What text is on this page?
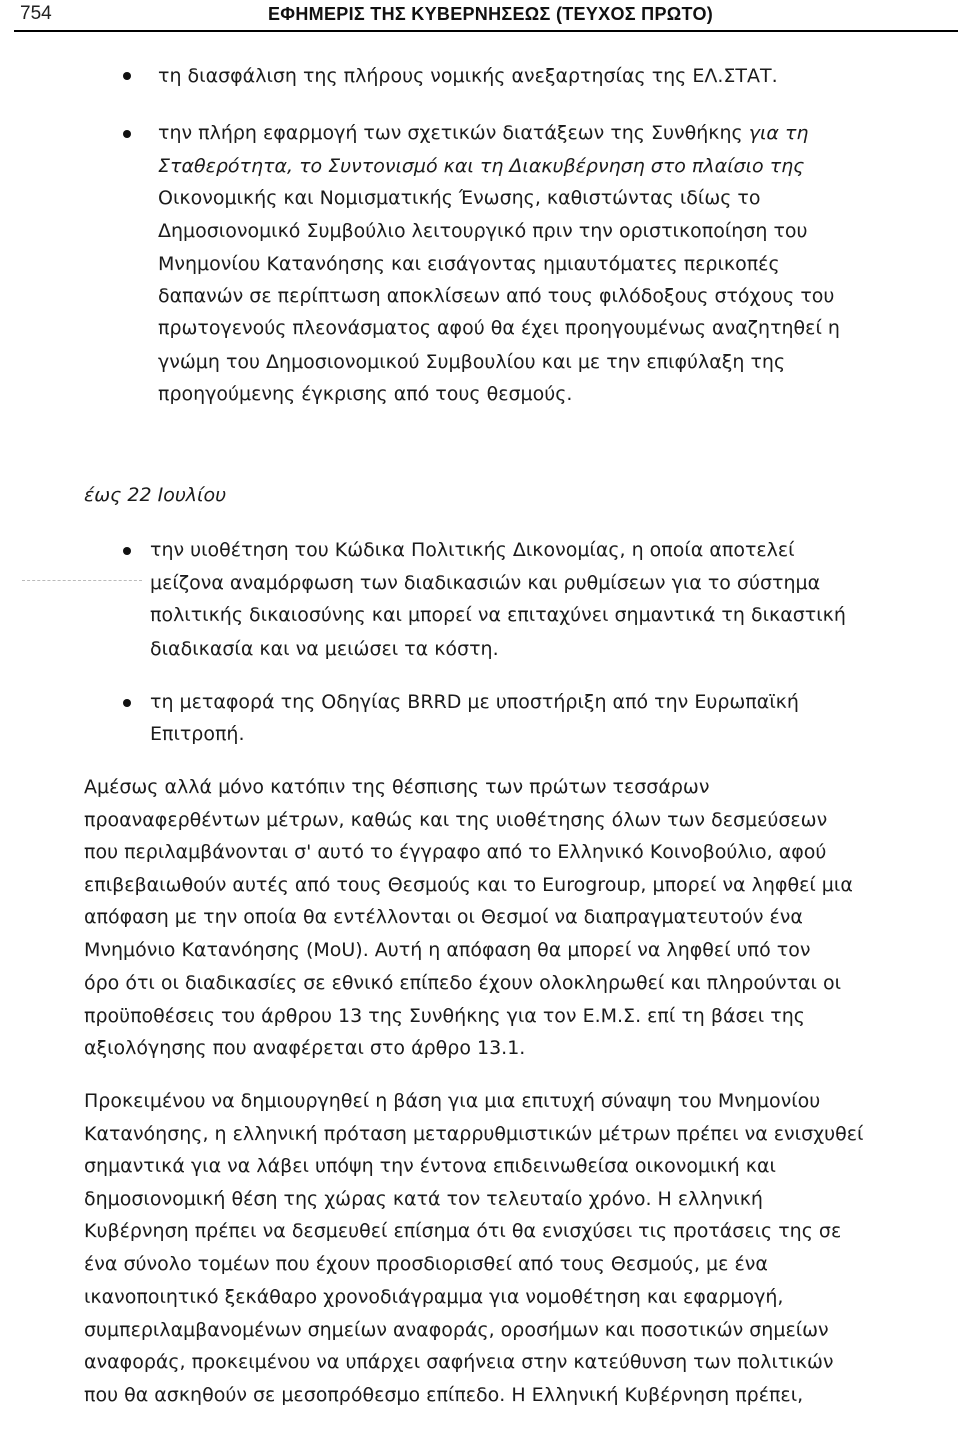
754	ΕΦΗΜΕΡΙΣ ΤΗΣ ΚΥΒΕΡΝΗΣΕΩΣ (ΤΕΥΧΟΣ ΠΡΩΤΟ)
τη διασφάλιση της πλήρους νομικής ανεξαρτησίας της ΕΛ.ΣΤΑΤ.
την πλήρη εφαρμογή των σχετικών διατάξεων της Συνθήκης για τη
Σταθερότητα, το Συντονισμό και τη Διακυβέρνηση στο πλαίσιο της
Οικονομικής και Νομισματικής Ένωσης, καθιστώντας ιδίως το
Δημοσιονομικό Συμβούλιο λειτουργικό πριν την οριστικοποίηση του
Μνημονίου Κατανόησης και εισάγοντας ημιαυτόματες περικοπές
δαπανών σε περίπτωση αποκλίσεων από τους φιλόδοξους στόχους του
πρωτογενούς πλεονάσματος αφού θα έχει προηγουμένως αναζητηθεί η
γνώμη του Δημοσιονομικού Συμβουλίου και με την επιφύλαξη της
προηγούμενης έγκρισης από τους θεσμούς.
έως 22 Ιουλίου
την υιοθέτηση του Κώδικα Πολιτικής Δικονομίας, η οποία αποτελεί
μείζονα αναμόρφωση των διαδικασιών και ρυθμίσεων για το σύστημα
πολιτικής δικαιοσύνης και μπορεί να επιταχύνει σημαντικά τη δικαστική
διαδικασία και να μειώσει τα κόστη.
τη μεταφορά της Οδηγίας BRRD με υποστήριξη από την Ευρωπαϊκή
Επιτροπή.
Αμέσως αλλά μόνο κατόπιν της θέσπισης των πρώτων τεσσάρων
προαναφερθέντων μέτρων, καθώς και της υιοθέτησης όλων των δεσμεύσεων
που περιλαμβάνονται σ' αυτό το έγγραφο από το Ελληνικό Κοινοβούλιο, αφού
επιβεβαιωθούν αυτές από τους Θεσμούς και το Eurogroup, μπορεί να ληφθεί μια
απόφαση με την οποία θα εντέλλονται οι Θεσμοί να διαπραγματευτούν ένα
Μνημόνιο Κατανόησης (MoU). Αυτή η απόφαση θα μπορεί να ληφθεί υπό τον
όρο ότι οι διαδικασίες σε εθνικό επίπεδο έχουν ολοκληρωθεί και πληρούνται οι
προϋποθέσεις του άρθρου 13 της Συνθήκης για τον Ε.Μ.Σ. επί τη βάσει της
αξιολόγησης που αναφέρεται στο άρθρο 13.1.
Προκειμένου να δημιουργηθεί η βάση για μια επιτυχή σύναψη του Μνημονίου
Κατανόησης, η ελληνική πρόταση μεταρρυθμιστικών μέτρων πρέπει να ενισχυθεί
σημαντικά για να λάβει υπόψη την έντονα επιδεινωθείσα οικονομική και
δημοσιονομική θέση της χώρας κατά τον τελευταίο χρόνο. Η ελληνική
Κυβέρνηση πρέπει να δεσμευθεί επίσημα ότι θα ενισχύσει τις προτάσεις της σε
ένα σύνολο τομέων που έχουν προσδιορισθεί από τους Θεσμούς, με ένα
ικανοποιητικό ξεκάθαρο χρονοδιάγραμμα για νομοθέτηση και εφαρμογή,
συμπεριλαμβανομένων σημείων αναφοράς, οροσήμων και ποσοτικών σημείων
αναφοράς, προκειμένου να υπάρχει σαφήνεια στην κατεύθυνση των πολιτικών
που θα ασκηθούν σε μεσοπρόθεσμο επίπεδο. Η Ελληνική Κυβέρνηση πρέπει,
